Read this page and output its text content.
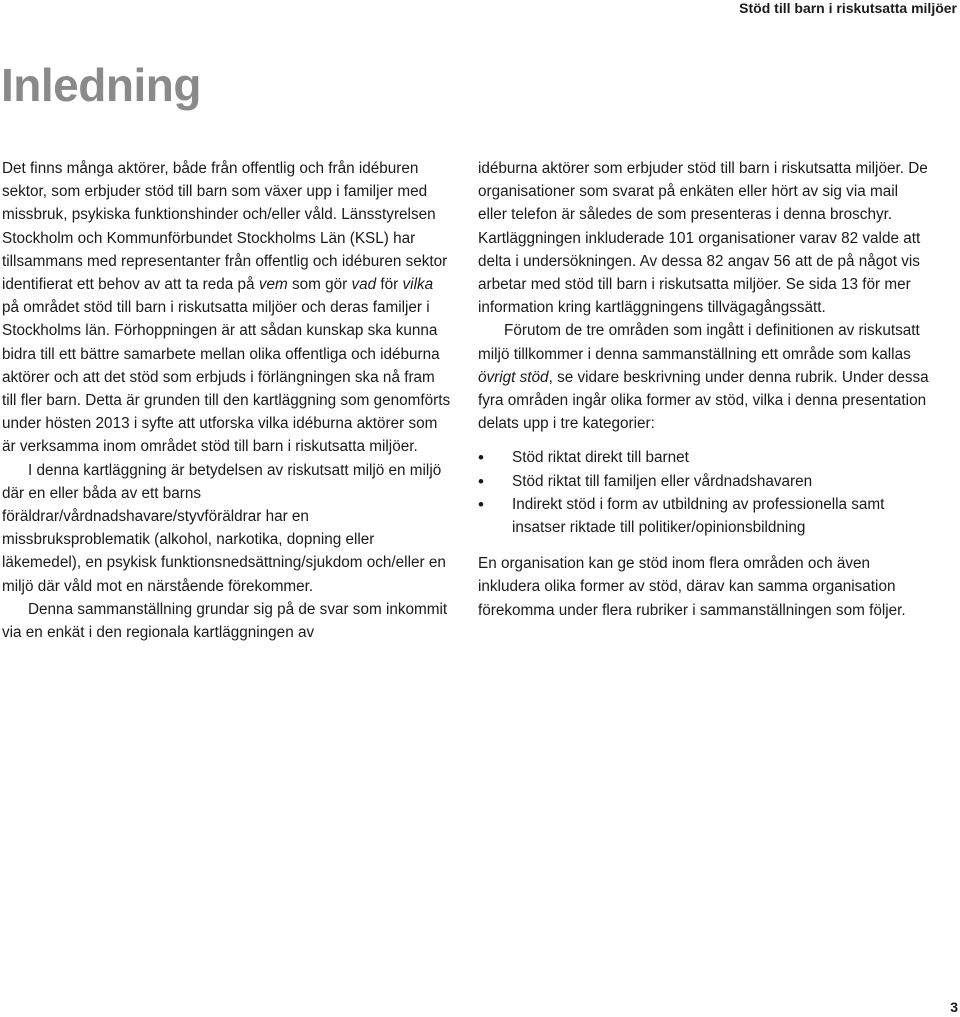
Stöd till barn i riskutsatta miljöer
Inledning

Det finns många aktörer, både från offentlig och från idéburen sektor, som erbjuder stöd till barn som växer upp i familjer med missbruk, psykiska funktionshinder och/eller våld. Länsstyrelsen Stockholm och Kommunförbundet Stockholms Län (KSL) har tillsammans med representanter från offentlig och idéburen sektor identifierat ett behov av att ta reda på vem som gör vad för vilka på området stöd till barn i riskutsatta miljöer och deras familjer i Stockholms län. Förhoppningen är att sådan kunskap ska kunna bidra till ett bättre samarbete mellan olika offentliga och idéburna aktörer och att det stöd som erbjuds i förlängningen ska nå fram till fler barn. Detta är grunden till den kartläggning som genomförts under hösten 2013 i syfte att utforska vilka idéburna aktörer som är verksamma inom området stöd till barn i riskutsatta miljöer.

I denna kartläggning är betydelsen av riskutsatt miljö en miljö där en eller båda av ett barns föräldrar/vårdnadshavare/styvföräldrar har en missbruksproblematik (alkohol, narkotika, dopning eller läkemedel), en psykisk funktionsnedsättning/sjukdom och/eller en miljö där våld mot en närstående förekommer.

Denna sammanställning grundar sig på de svar som inkommit via en enkät i den regionala kartläggningen av

idéburna aktörer som erbjuder stöd till barn i riskutsatta miljöer. De organisationer som svarat på enkäten eller hört av sig via mail eller telefon är således de som presenteras i denna broschyr. Kartläggningen inkluderade 101 organisationer varav 82 valde att delta i undersökningen. Av dessa 82 angav 56 att de på något vis arbetar med stöd till barn i riskutsatta miljöer. Se sida 13 för mer information kring kartläggningens tillvägagångssätt.

Förutom de tre områden som ingått i definitionen av riskutsatt miljö tillkommer i denna sammanställning ett område som kallas övrigt stöd, se vidare beskrivning under denna rubrik. Under dessa fyra områden ingår olika former av stöd, vilka i denna presentation delats upp i tre kategorier:

• Stöd riktat direkt till barnet
• Stöd riktat till familjen eller vårdnadshavaren
• Indirekt stöd i form av utbildning av professionella samt insatser riktade till politiker/opinionsbildning

En organisation kan ge stöd inom flera områden och även inkludera olika former av stöd, därav kan samma organisation förekomma under flera rubriker i sammanställningen som följer.

3
